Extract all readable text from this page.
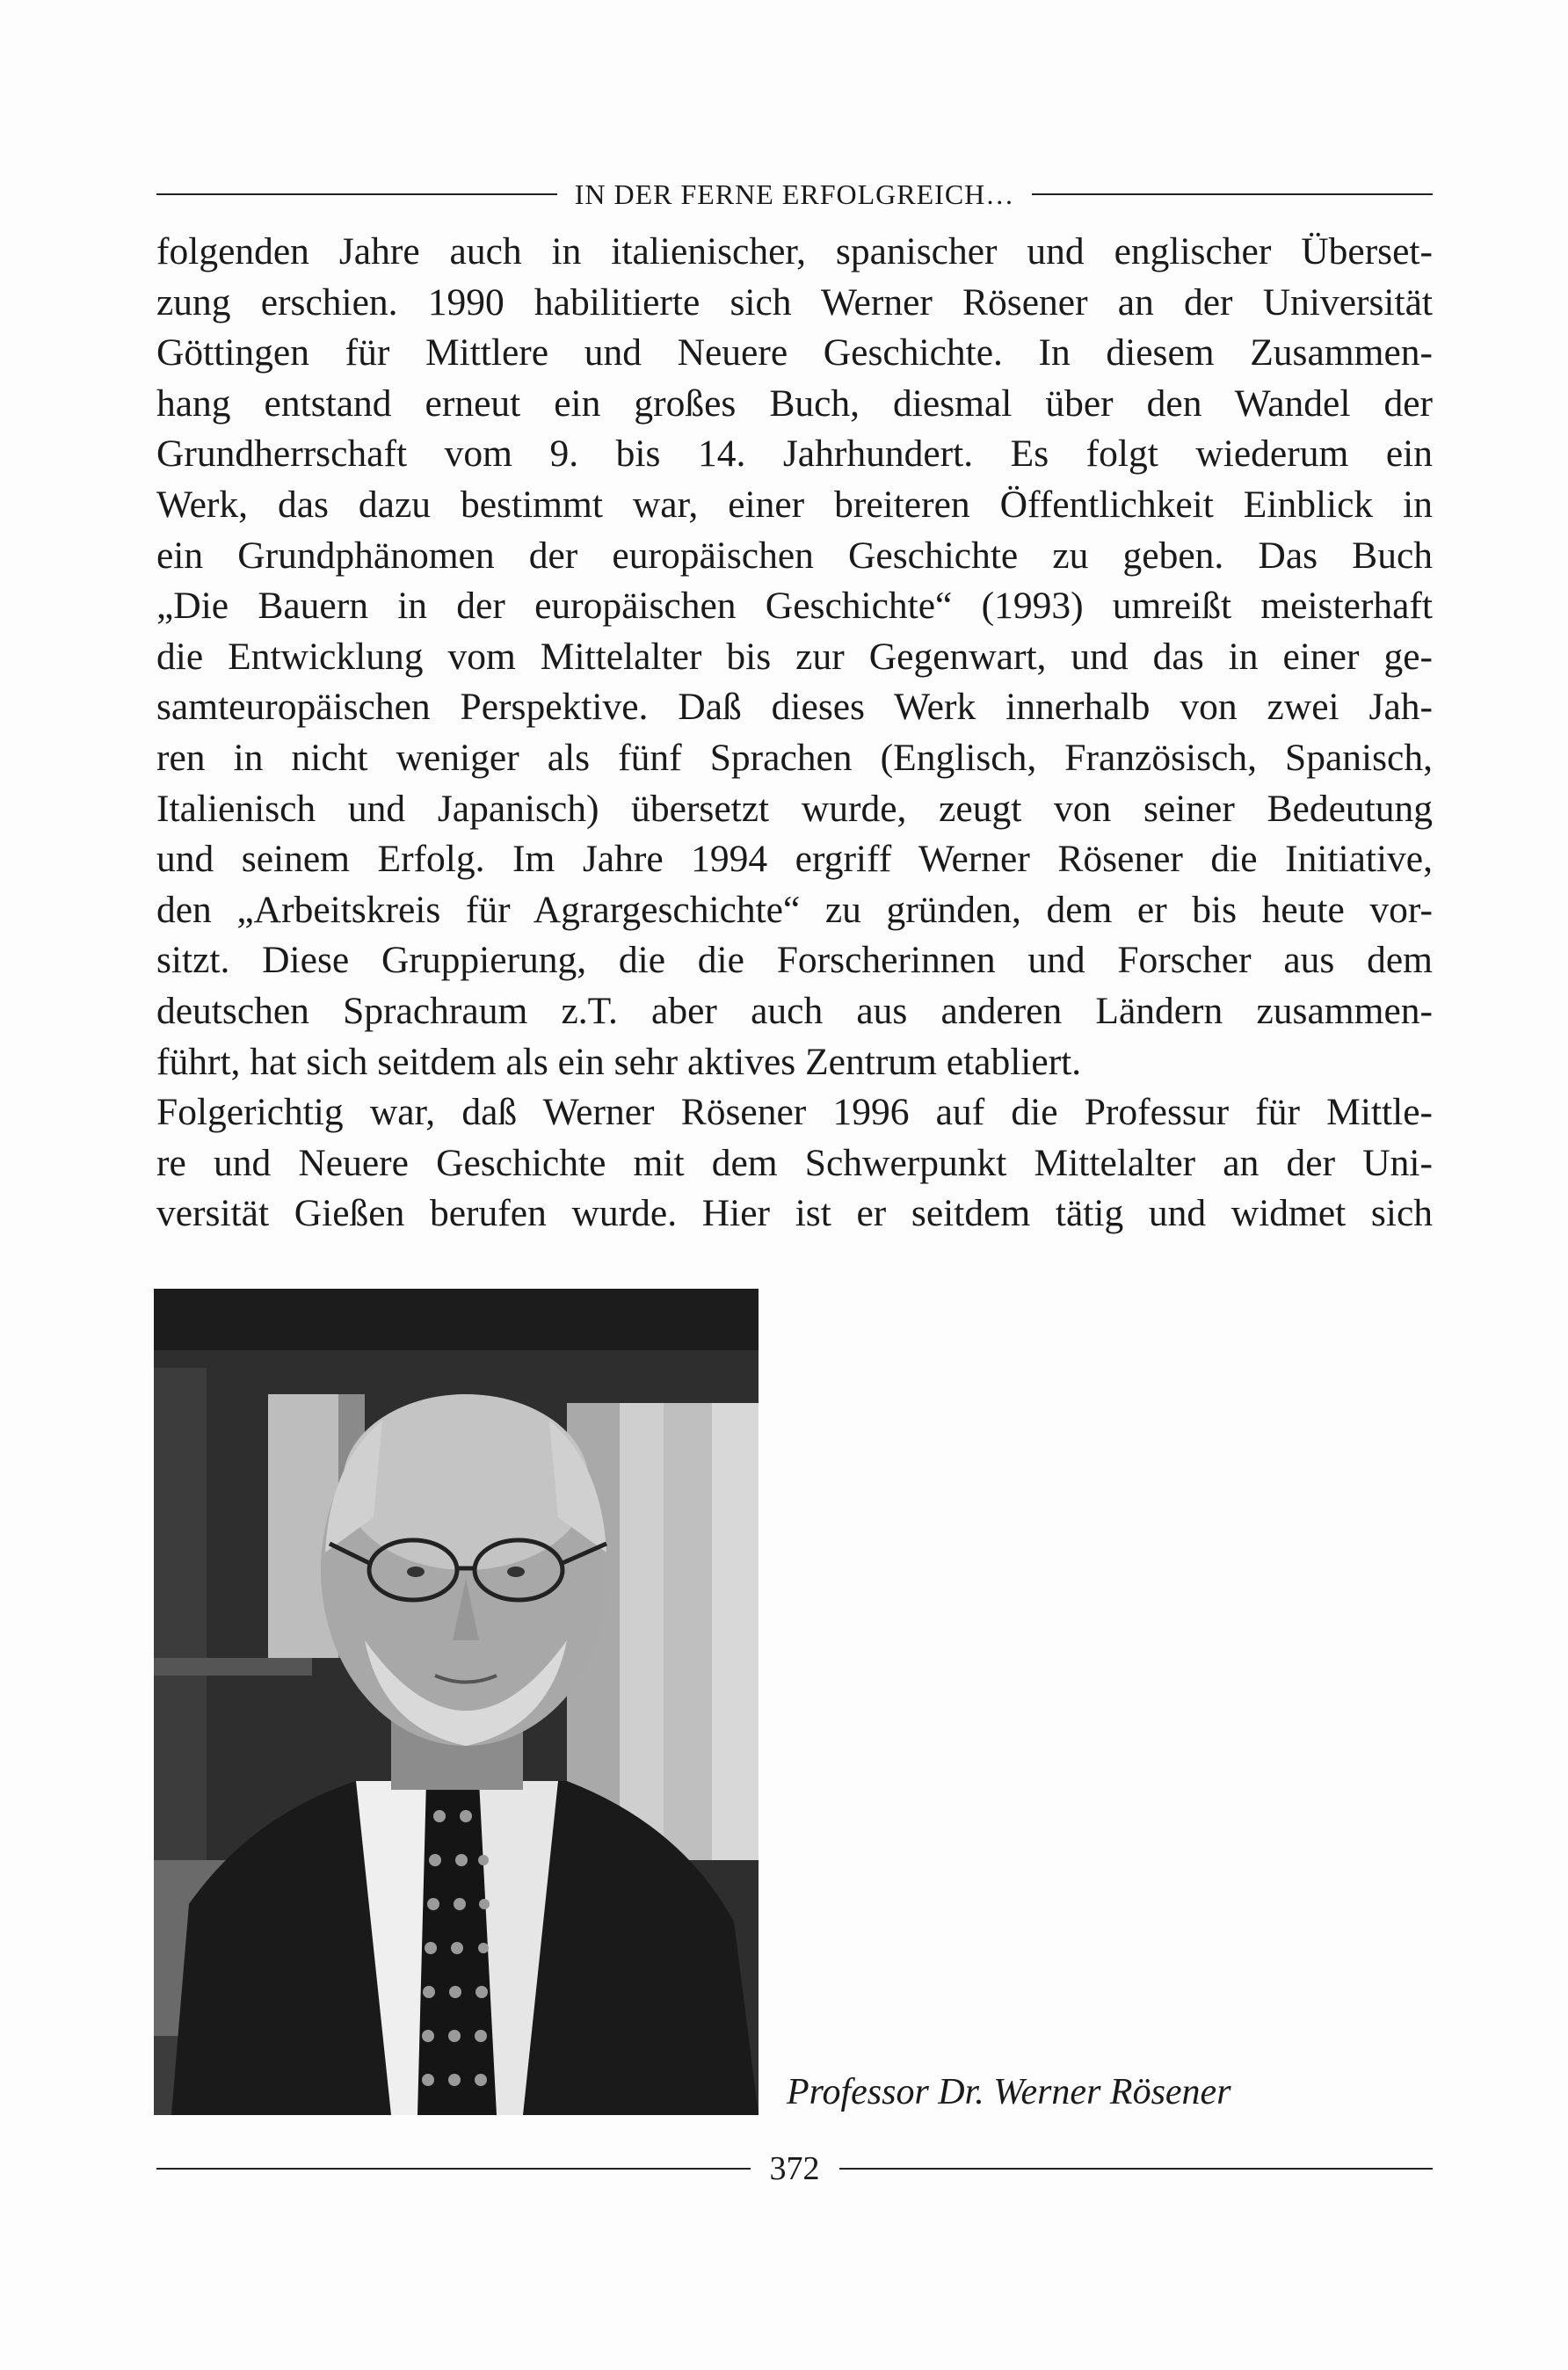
IN DER FERNE ERFOLGREICH…
folgenden Jahre auch in italienischer, spanischer und englischer Überset-
zung erschien. 1990 habilitierte sich Werner Rösener an der Universität
Göttingen für Mittlere und Neuere Geschichte. In diesem Zusammen-
hang entstand erneut ein großes Buch, diesmal über den Wandel der
Grundherrschaft vom 9. bis 14. Jahrhundert. Es folgt wiederum ein
Werk, das dazu bestimmt war, einer breiteren Öffentlichkeit Einblick in
ein Grundphänomen der europäischen Geschichte zu geben. Das Buch
„Die Bauern in der europäischen Geschichte“ (1993) umreißt meisterhaft
die Entwicklung vom Mittelalter bis zur Gegenwart, und das in einer ge-
samteuropäischen Perspektive. Daß dieses Werk innerhalb von zwei Jah-
ren in nicht weniger als fünf Sprachen (Englisch, Französisch, Spanisch,
Italienisch und Japanisch) übersetzt wurde, zeugt von seiner Bedeutung
und seinem Erfolg. Im Jahre 1994 ergriff Werner Rösener die Initiative,
den „Arbeitskreis für Agrargeschichte“ zu gründen, dem er bis heute vor-
sitzt. Diese Gruppierung, die die Forscherinnen und Forscher aus dem
deutschen Sprachraum z.T. aber auch aus anderen Ländern zusammen-
führt, hat sich seitdem als ein sehr aktives Zentrum etabliert.
Folgerichtig war, daß Werner Rösener 1996 auf die Professur für Mittle-
re und Neuere Geschichte mit dem Schwerpunkt Mittelalter an der Uni-
versität Gießen berufen wurde. Hier ist er seitdem tätig und widmet sich
Professor Dr. Werner Rösener
372
